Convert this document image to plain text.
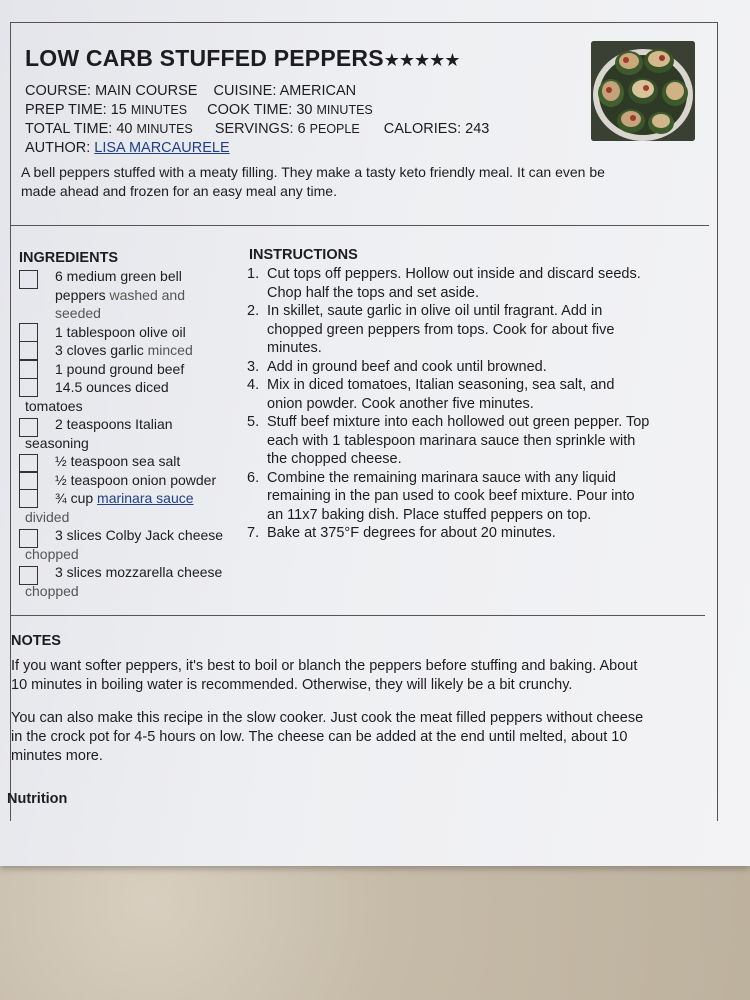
LOW CARB STUFFED PEPPERS★★★★★
COURSE: MAIN COURSE CUISINE: AMERICAN
PREP TIME: 15 MINUTES COOK TIME: 30 MINUTES
TOTAL TIME: 40 MINUTES SERVINGS: 6 PEOPLE CALORIES: 243
AUTHOR: LISA MARCAURELE
A bell peppers stuffed with a meaty filling. They make a tasty keto friendly meal. It can even be
made ahead and frozen for an easy meal any time.
INGREDIENTS
6 medium green bell
peppers washed and
seeded
1 tablespoon olive oil
3 cloves garlic minced
1 pound ground beef
14.5 ounces diced
tomatoes
2 teaspoons Italian
seasoning
½ teaspoon sea salt
½ teaspoon onion powder
¾ cup marinara sauce
divided
3 slices Colby Jack cheese
chopped
3 slices mozzarella cheese
chopped
INSTRUCTIONS
1. Cut tops off peppers. Hollow out inside and discard seeds.
Chop half the tops and set aside.
2. In skillet, saute garlic in olive oil until fragrant. Add in
chopped green peppers from tops. Cook for about five
minutes.
3. Add in ground beef and cook until browned.
4. Mix in diced tomatoes, Italian seasoning, sea salt, and
onion powder. Cook another five minutes.
5. Stuff beef mixture into each hollowed out green pepper. Top
each with 1 tablespoon marinara sauce then sprinkle with
the chopped cheese.
6. Combine the remaining marinara sauce with any liquid
remaining in the pan used to cook beef mixture. Pour into
an 11x7 baking dish. Place stuffed peppers on top.
7. Bake at 375°F degrees for about 20 minutes.
NOTES
If you want softer peppers, it's best to boil or blanch the peppers before stuffing and baking. About
10 minutes in boiling water is recommended. Otherwise, they will likely be a bit crunchy.
You can also make this recipe in the slow cooker. Just cook the meat filled peppers without cheese
in the crock pot for 4-5 hours on low. The cheese can be added at the end until melted, about 10
minutes more.
Nutrition
